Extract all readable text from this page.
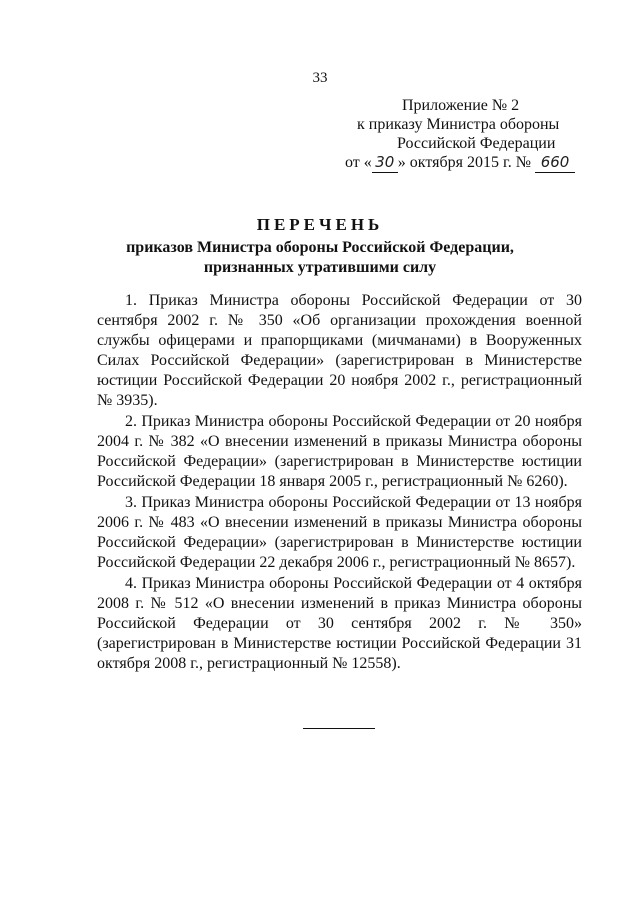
33
Приложение № 2
к приказу Министра обороны
Российской Федерации
от « 30 » октября 2015 г. № 660
ПЕРЕЧЕНЬ
приказов Министра обороны Российской Федерации,
признанных утратившими силу

1. Приказ Министра обороны Российской Федерации от 30 сентября 2002 г. № 350 «Об организации прохождения военной службы офицерами и прапорщиками (мичманами) в Вооруженных Силах Российской Федерации» (зарегистрирован в Министерстве юстиции Российской Федерации 20 ноября 2002 г., регистрационный № 3935).

2. Приказ Министра обороны Российской Федерации от 20 ноября 2004 г. № 382 «О внесении изменений в приказы Министра обороны Российской Федерации» (зарегистрирован в Министерстве юстиции Российской Федерации 18 января 2005 г., регистрационный № 6260).

3. Приказ Министра обороны Российской Федерации от 13 ноября 2006 г. № 483 «О внесении изменений в приказы Министра обороны Российской Федерации» (зарегистрирован в Министерстве юстиции Российской Федерации 22 декабря 2006 г., регистрационный № 8657).

4. Приказ Министра обороны Российской Федерации от 4 октября 2008 г. № 512 «О внесении изменений в приказ Министра обороны Российской Федерации от 30 сентября 2002 г. № 350» (зарегистрирован в Министерстве юстиции Российской Федерации 31 октября 2008 г., регистрационный № 12558).
